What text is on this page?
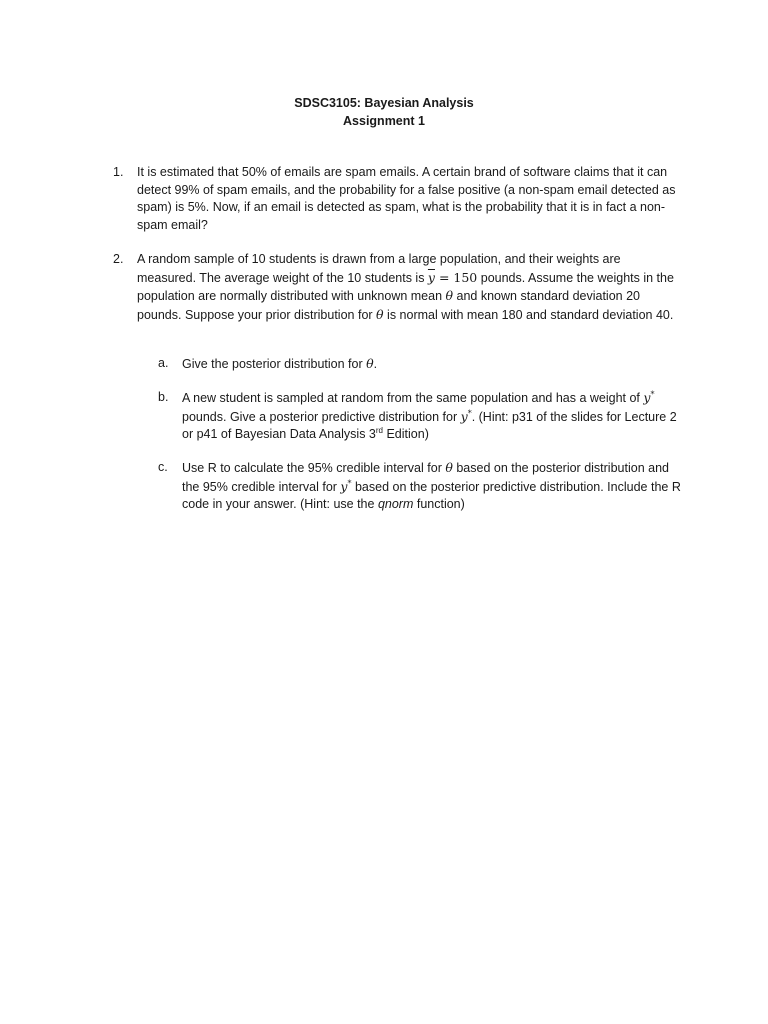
SDSC3105: Bayesian Analysis
Assignment 1
1. It is estimated that 50% of emails are spam emails. A certain brand of software claims that it can detect 99% of spam emails, and the probability for a false positive (a non-spam email detected as spam) is 5%. Now, if an email is detected as spam, what is the probability that it is in fact a non-spam email?
2. A random sample of 10 students is drawn from a large population, and their weights are measured. The average weight of the 10 students is $\overline{y} = 150$ pounds. Assume the weights in the population are normally distributed with unknown mean θ and known standard deviation 20 pounds. Suppose your prior distribution for θ is normal with mean 180 and standard deviation 40.
a. Give the posterior distribution for θ.
b. A new student is sampled at random from the same population and has a weight of y* pounds. Give a posterior predictive distribution for y*. (Hint: p31 of the slides for Lecture 2 or p41 of Bayesian Data Analysis 3rd Edition)
c. Use R to calculate the 95% credible interval for θ based on the posterior distribution and the 95% credible interval for y* based on the posterior predictive distribution. Include the R code in your answer. (Hint: use the qnorm function)
